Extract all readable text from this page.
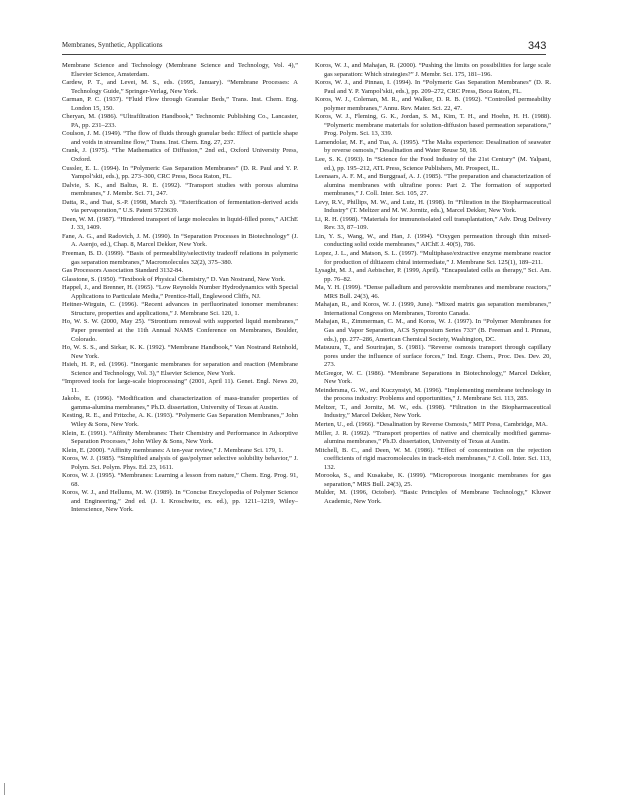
Membranes, Synthetic, Applications	343

Membrane Science and Technology (Membrane Science and Technology, Vol. 4),” Elsevier Science, Amsterdam.

Cardew, P. T., and Levei, M. S., eds. (1995, January). “Membrane Processes: A Technology Guide,” Springer-Verlag, New York.

Carman, P. C. (1937). “Fluid Flow through Granular Beds,” Trans. Inst. Chem. Eng. London 15, 150.

Cheryan, M. (1986). “Ultrafiltration Handbook,” Technomic Publishing Co., Lancaster, PA, pp. 231–233.

Coulson, J. M. (1949). “The flow of fluids through granular beds: Effect of particle shape and voids in streamline flow,” Trans. Inst. Chem. Eng. 27, 237.

Crank, J. (1975). “The Mathematics of Diffusion,” 2nd ed., Oxford University Press, Oxford.

Cussler, E. L. (1994). In “Polymeric Gas Separation Membranes” (D. R. Paul and Y. P. Yampol’skii, eds.), pp. 273–300, CRC Press, Boca Raton, FL.

Dalvie, S. K., and Baltus, R. E. (1992). “Transport studies with porous alumina membranes,” J. Membr. Sci. 71, 247.

Datta, R., and Tsai, S.-P. (1998, March 3). “Esterification of fermentation-derived acids via pervaporation,” U.S. Patent 5723639.

Deen, W. M. (1987). “Hindered transport of large molecules in liquid-filled pores,” AIChE J. 33, 1409.

Fane, A. G., and Radovich, J. M. (1990). In “Separation Processes in Biotechnology” (J. A. Asenjo, ed.), Chap. 8, Marcel Dekker, New York.

Freeman, B. D. (1999). “Basis of permeability/selectivity tradeoff relations in polymeric gas separation membranes,” Macromolecules 32(2), 375–380.

Gas Processors Association Standard 3132-84.

Glasstone, S. (1950). “Textbook of Physical Chemistry,” D. Van Nostrand, New York.

Happel, J., and Brenner, H. (1965). “Low Reynolds Number Hydrodynamics with Special Applications to Particulate Media,” Prentice-Hall, Englewood Cliffs, NJ.

Heitner-Wirguin, C. (1996). “Recent advances in perfluorinated ionomer membranes: Structure, properties and applications,” J. Membrane Sci. 120, 1.

Ho, W. S. W. (2000, May 25). “Strontium removal with supported liquid membranes,” Paper presented at the 11th Annual NAMS Conference on Membranes, Boulder, Colorado.

Ho, W. S. S., and Sirkar, K. K. (1992). “Membrane Handbook,” Van Nostrand Reinhold, New York.

Hsieh, H. P., ed. (1996). “Inorganic membranes for separation and reaction (Membrane Science and Technology, Vol. 3),” Elsevier Science, New York.

“Improved tools for large-scale bioprocessing” (2001, April 11). Genet. Engl. News 20, 11.

Jakobs, E. (1996). “Modification and characterization of mass-transfer properties of gamma-alumina membranes,” Ph.D. dissertation, University of Texas at Austin.

Kesting, R. E., and Fritzche, A. K. (1993). “Polymeric Gas Separation Membranes,” John Wiley & Sons, New York.

Klein, E. (1991). “Affinity Membranes: Their Chemistry and Performance in Adsorptive Separation Processes,” John Wiley & Sons, New York.

Klein, E. (2000). “Affinity membranes: A ten-year review,” J. Membrane Sci. 179, 1.

Koros, W. J. (1985). “Simplified analysis of gas/polymer selective solubility behavior,” J. Polym. Sci. Polym. Phys. Ed. 23, 1611.

Koros, W. J. (1995). “Membranes: Learning a lesson from nature,” Chem. Eng. Prog. 91, 68.

Koros, W. J., and Hellums, M. W. (1989). In “Concise Encyclopedia of Polymer Science and Engineering,” 2nd ed. (J. I. Kroschwitz, ex. ed.), pp. 1211–1219, Wiley–Interscience, New York.

Koros, W. J., and Mahajan, R. (2000). “Pushing the limits on possibilities for large scale gas separation: Which strategies?” J. Membr. Sci. 175, 181–196.

Koros, W. J., and Pinnau, I. (1994). In “Polymeric Gas Separation Membranes” (D. R. Paul and Y. P. Yampol’skii, eds.), pp. 209–272, CRC Press, Boca Raton, FL.

Koros, W. J., Coleman, M. R., and Walker, D. R. B. (1992). “Controlled permeability polymer membranes,” Annu. Rev. Mater. Sci. 22, 47.

Koros, W. J., Fleming, G. K., Jordan, S. M., Kim, T. H., and Hoehn, H. H. (1988). “Polymeric membrane materials for solution-diffusion based permeation separations,” Prog. Polym. Sci. 13, 339.

Lamendolar, M. F., and Tua, A. (1995). “The Malta experience: Desalination of seawater by reverse osmosis,” Desalination and Water Reuse 50, 18.

Lee, S. K. (1993). In “Science for the Food Industry of the 21st Century” (M. Yalpani, ed.), pp. 195–212, ATL Press, Science Publishers, Mt. Prospect, IL.

Leenaars, A. F. M., and Burggraaf, A. J. (1985). “The preparation and characterization of alumina membranes with ultrafine pores: Part 2. The formation of supported membranes,” J. Coll. Inter. Sci. 105, 27.

Levy, R.V., Phillips, M. W., and Lutz, H. (1998). In “Filtration in the Biopharmaceutical Industry” (T. Meltzer and M. W. Jornitz, eds.), Marcel Dekker, New York.

Li, R. H. (1998). “Materials for immunoisolated cell transplantation,” Adv. Drug Delivery Rev. 33, 87–109.

Lin, Y. S., Wang, W., and Han, J. (1994). “Oxygen permeation through thin mixed-conducting solid oxide membranes,” AIChE J. 40(5), 786.

Lopez, J. L., and Matson, S. L. (1997). “Multiphase/extractive enzyme membrane reactor for production of diltiazem chiral intermediate,” J. Membrane Sci. 125(1), 189–211.

Lysaght, M. J., and Aebischer, P. (1999, April). “Encapsulated cells as therapy,” Sci. Am. pp. 76–82.

Ma, Y. H. (1999). “Dense palladium and perovskite membranes and membrane reactors,” MRS Bull. 24(3), 46.

Mahajan, R., and Koros, W. J. (1999, June). “Mixed matrix gas separation membranes,” International Congress on Membranes, Toronto Canada.

Mahajan, R., Zimmerman, C. M., and Koros, W. J. (1997). In “Polymer Membranes for Gas and Vapor Separation, ACS Symposium Series 733” (B. Freeman and I. Pinnau, eds.), pp. 277–286, American Chemical Society, Washington, DC.

Matsuura, T., and Sourirajan, S. (1981). “Reverse osmosis transport through capillary pores under the influence of surface forces,” Ind. Engr. Chem., Proc. Des. Dev. 20, 273.

McGregor, W. C. (1986). “Membrane Separations in Biotechnology,” Marcel Dekker, New York.

Meindersma, G. W., and Kuczynsiyi, M. (1996). “Implementing membrane technology in the process industry: Problems and opportunities,” J. Membrane Sci. 113, 285.

Meltzer, T., and Jornitz, M. W., eds. (1998). “Filtration in the Biopharmaceutical Industry,” Marcel Dekker, New York.

Merten, U., ed. (1966). “Desalination by Reverse Osmosis,” MIT Press, Cambridge, MA.

Miller, J. R. (1992). “Transport properties of native and chemically modified gamma-alumina membranes,” Ph.D. dissertation, University of Texas at Austin.

Mitchell, B. C., and Deen, W. M. (1986). “Effect of concentration on the rejection coefficients of rigid macromolecules in track-etch membranes,” J. Coll. Inter. Sci. 113, 132.

Morooka, S., and Kusakabe, K. (1999). “Microporous inorganic membranes for gas separation,” MRS Bull. 24(3), 25.

Mulder, M. (1996, October). “Basic Principles of Membrane Technology,” Kluwer Academic, New York.
